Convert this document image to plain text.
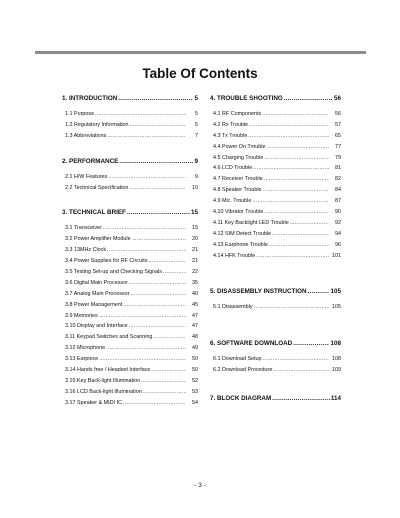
Table Of Contents
1. INTRODUCTION .....	5
1.1 Purpose .....	5
1.2 Regulatory Information .....	5
1.3 Abbreviations .....	7
2. PERFORMANCE .....	9
2.1 H/W Features .....	9
2.2 Technical Specification .....	10
3. TECHNICAL BRIEF .....	15
3.1 Transceiver .....	15
3.2 Power Amplifier Module .....	20
3.3 13MHz Clock .....	21
3.4 Power Supplies for RF Circuits .....	21
3.5 Testing Set-up and Checking Signals .....	22
3.6 Digital Main Processor .....	35
3.7 Analog Main Processor .....	40
3.8 Power Management .....	45
3.9 Memories .....	47
3.10 Display and Interface .....	47
3.11 Keypad Switches and Scanning .....	48
3.12 Microphone .....	49
3.13 Earpiece .....	50
3.14 Hands free / Headset Interface .....	50
3.15 Key Back-light Illumination .....	52
3.16 LCD Back-light Illumination .....	53
3.17 Speaker & MIDI IC .....	54
4. TROUBLE SHOOTING .....	56
4.1 RF Components .....	56
4.2 Rx Trouble .....	57
4.3 Tx Trouble .....	65
4.4 Power On Trouble .....	77
4.5 Charging Trouble .....	79
4.6 LCD Trouble .....	81
4.7 Receiver Trouble .....	82
4.8 Speaker Trouble .....	84
4.9 Mic. Trouble .....	87
4.10 Vibrator Trouble .....	90
4.11 Key Backlight LED Trouble .....	92
4.12 SIM Detect Trouble .....	94
4.13 Earphone Trouble .....	96
4.14 HFK Trouble .....	101
5. DISASSEMBLY INSTRUCTION .....	105
5.1 Disassembly .....	105
6. SOFTWARE DOWNLOAD .....	108
6.1 Download Setup .....	108
6.2 Download Procedure .....	109
7. BLOCK DIAGRAM .....	114
- 3 -
